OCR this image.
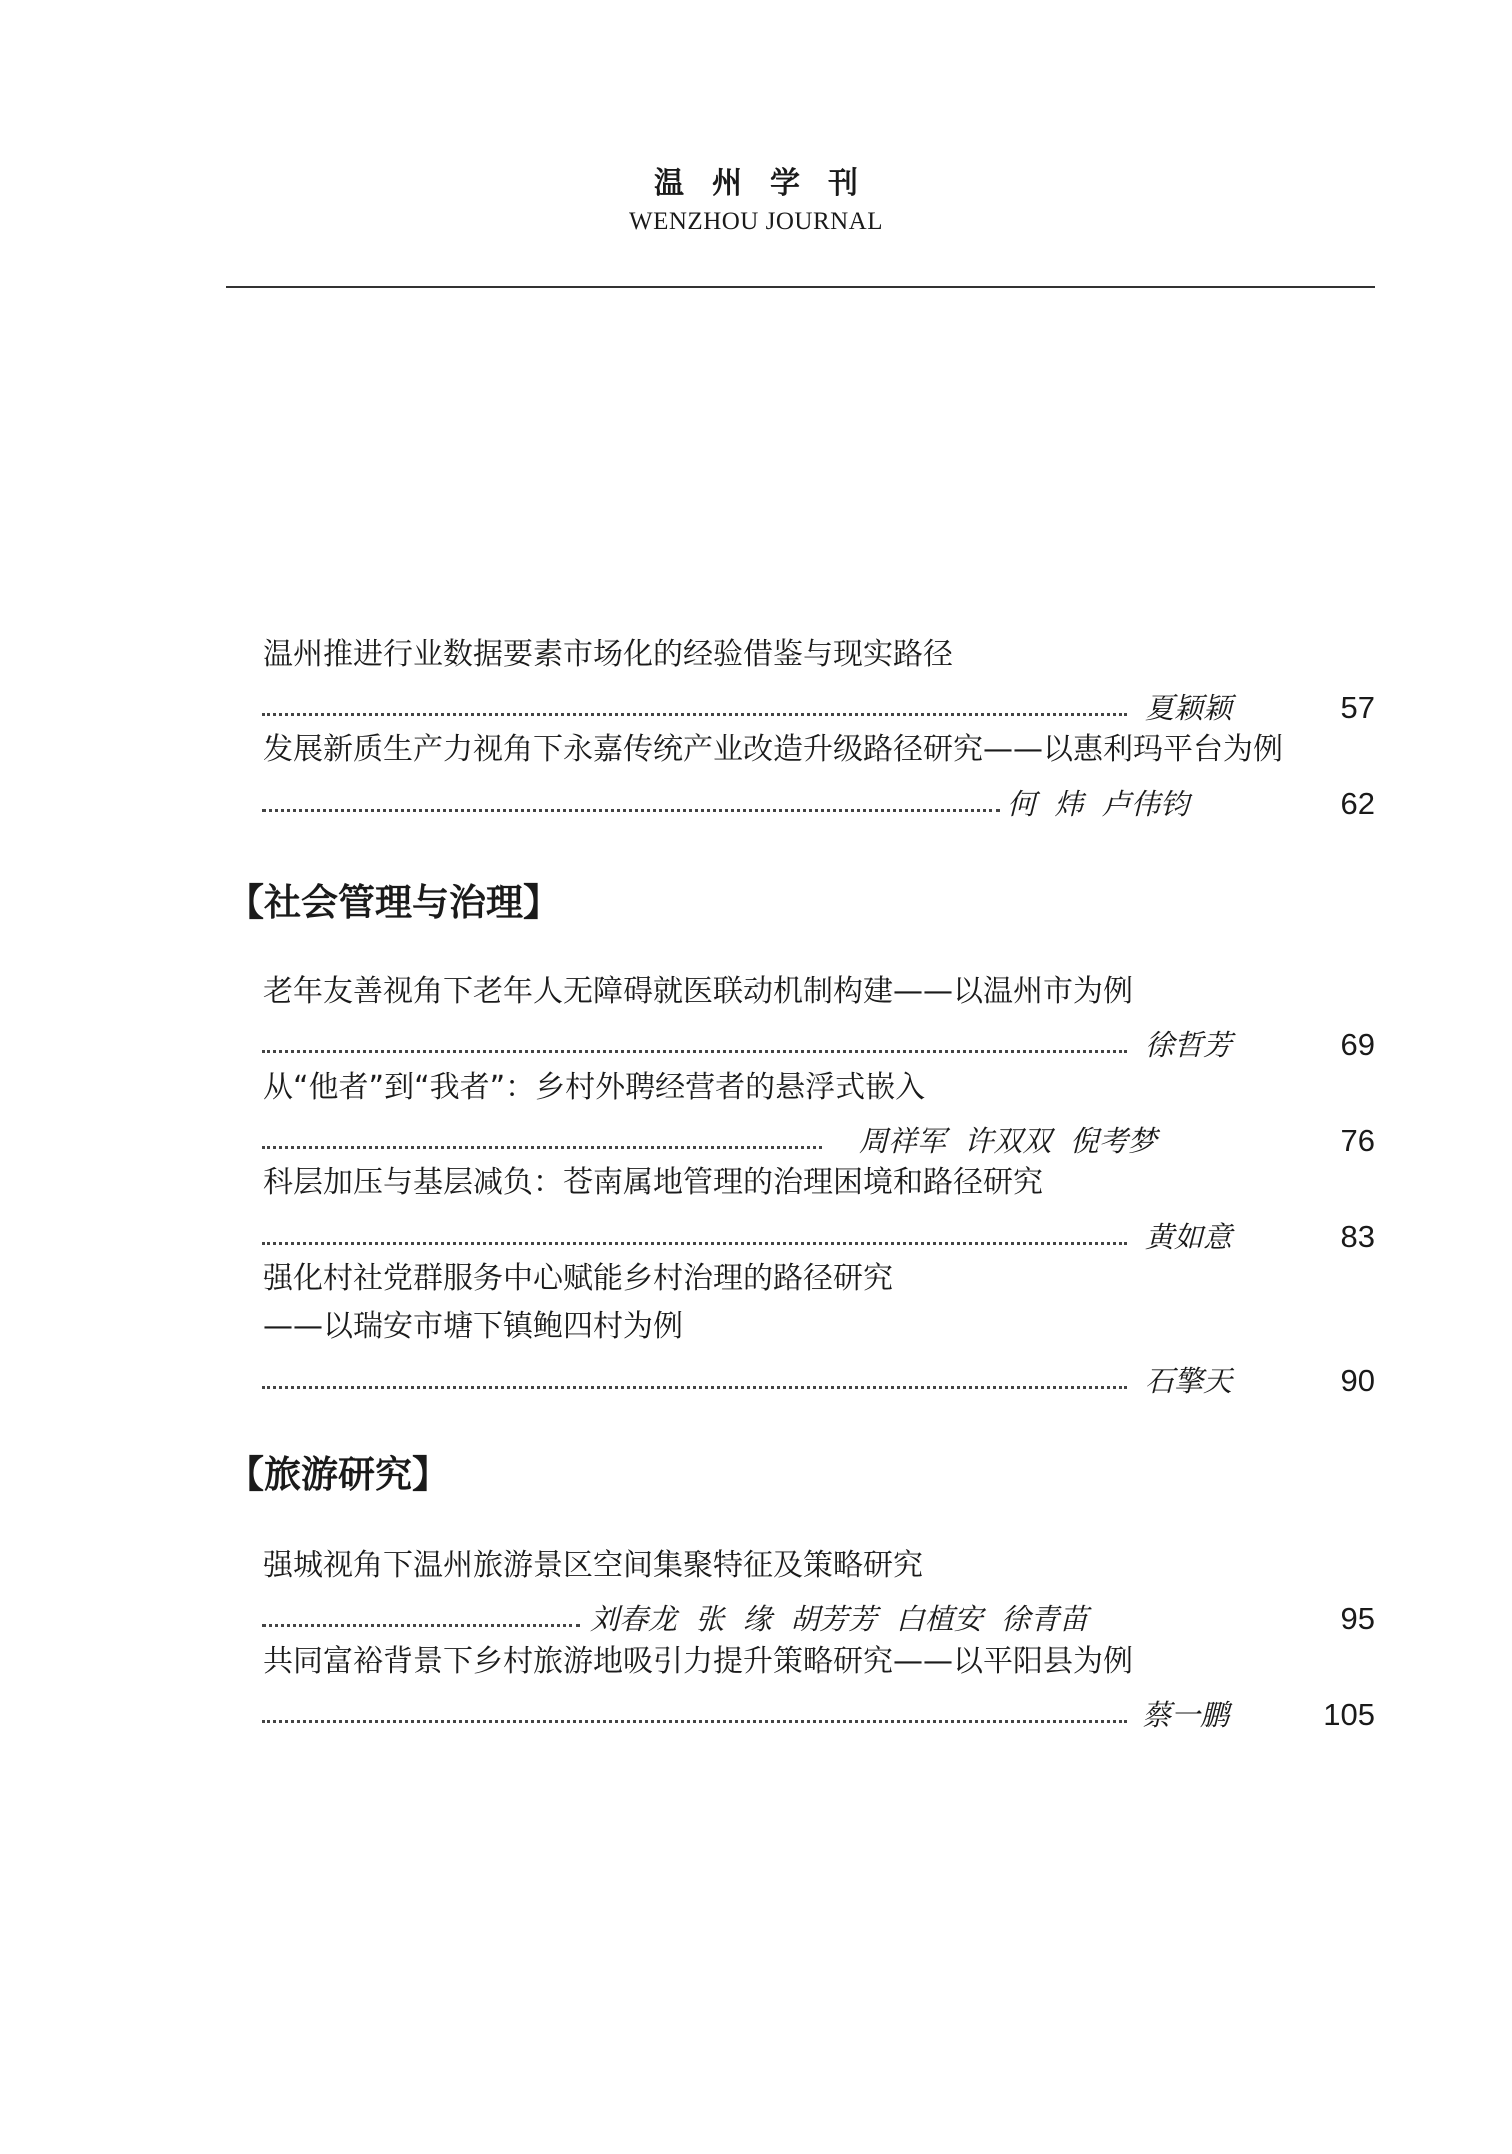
温州学刊
WENZHOU JOURNAL
温州推进行业数据要素市场化的经验借鉴与现实路径
夏颖颖	57
发展新质生产力视角下永嘉传统产业改造升级路径研究——以惠利玛平台为例
何  炜  卢伟钧	62
【社会管理与治理】
老年友善视角下老年人无障碍就医联动机制构建——以温州市为例
徐哲芳	69
从“他者”到“我者”：乡村外聘经营者的悬浮式嵌入
周祥军  许双双  倪考梦	76
科层加压与基层减负：苍南属地管理的治理困境和路径研究
黄如意	83
强化村社党群服务中心赋能乡村治理的路径研究
——以瑞安市塘下镇鲍四村为例
石擎天	90
【旅游研究】
强城视角下温州旅游景区空间集聚特征及策略研究
刘春龙  张  缘  胡芳芳  白植安  徐青苗	95
共同富裕背景下乡村旅游地吸引力提升策略研究——以平阳县为例
蔡一鹏	105
